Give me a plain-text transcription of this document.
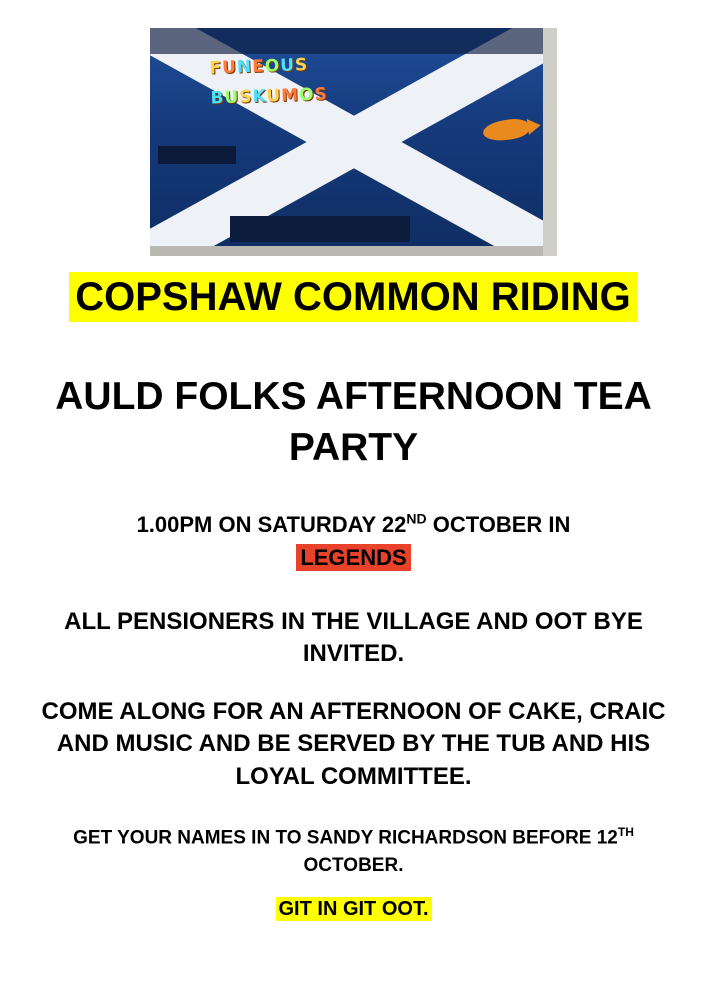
FUNEOUS
BUSKUMOS
COPSHAW COMMON RIDING
AULD FOLKS AFTERNOON TEA PARTY
1.00PM ON SATURDAY 22ND OCTOBER IN
LEGENDS
ALL PENSIONERS IN THE VILLAGE AND OOT BYE INVITED.
COME ALONG FOR AN AFTERNOON OF CAKE, CRAIC AND MUSIC AND BE SERVED BY THE TUB AND HIS LOYAL COMMITTEE.
GET YOUR NAMES IN TO SANDY RICHARDSON BEFORE 12TH OCTOBER.
GIT IN GIT OOT.
